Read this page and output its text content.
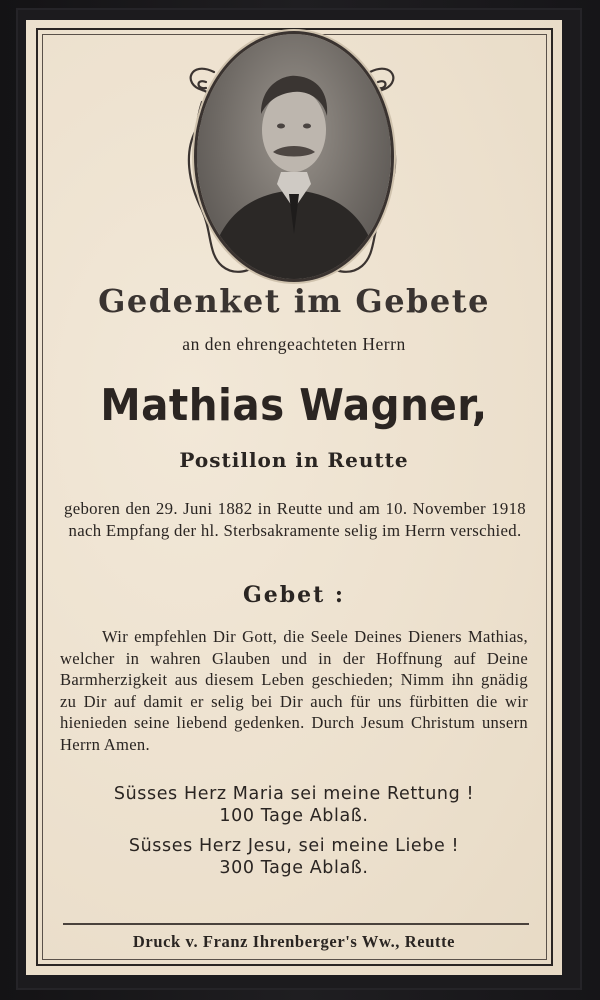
Gedenket im Gebete
an den ehrengeachteten Herrn
Mathias Wagner,
Postillon in Reutte
geboren den 29. Juni 1882 in Reutte und am 10. November 1918 nach Empfang der hl. Sterbsakramente selig im Herrn verschied.
Gebet :
Wir empfehlen Dir Gott, die Seele Deines Dieners Mathias, welcher in wahren Glauben und in der Hoffnung auf Deine Barmherzigkeit aus diesem Leben geschieden; Nimm ihn gnädig zu Dir auf damit er selig bei Dir auch für uns fürbitten die wir hienieden seine liebend gedenken. Durch Jesum Christum unsern Herrn Amen.
Süsses Herz Maria sei meine Rettung !
100 Tage Ablaß.
Süsses Herz Jesu, sei meine Liebe !
300 Tage Ablaß.
Druck v. Franz Ihrenberger's Ww., Reutte
